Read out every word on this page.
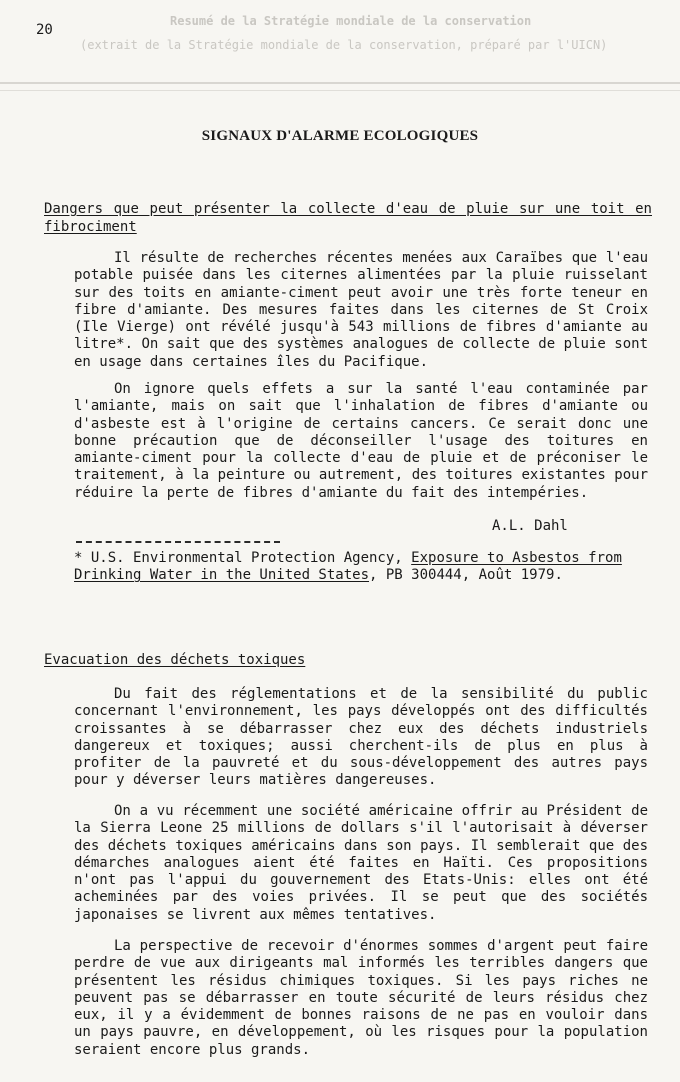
20
Resumé de la Stratégie mondiale de la conservation
(extrait de la Stratégie mondiale de la conservation, préparé par l'UICN)
SIGNAUX D'ALARME ECOLOGIQUES
Dangers que peut présenter la collecte d'eau de pluie sur une toit en fibrociment

Il résulte de recherches récentes menées aux Caraïbes que l'eau potable puisée dans les citernes alimentées par la pluie ruisselant sur des toits en amiante-ciment peut avoir une très forte teneur en fibre d'amiante. Des mesures faites dans les citernes de St Croix (Ile Vierge) ont révélé jusqu'à 543 millions de fibres d'amiante au litre*. On sait que des systèmes analogues de collecte de pluie sont en usage dans certaines îles du Pacifique.

On ignore quels effets a sur la santé l'eau contaminée par l'amiante, mais on sait que l'inhalation de fibres d'amiante ou d'asbeste est à l'origine de certains cancers. Ce serait donc une bonne précaution que de déconseiller l'usage des toitures en amiante-ciment pour la collecte d'eau de pluie et de préconiser le traitement, à la peinture ou autrement, des toitures existantes pour réduire la perte de fibres d'amiante du fait des intempéries.

A.L. Dahl

* U.S. Environmental Protection Agency, Exposure to Asbestos from Drinking Water in the United States, PB 300444, Août 1979.

Evacuation des déchets toxiques

Du fait des réglementations et de la sensibilité du public concernant l'environnement, les pays développés ont des difficultés croissantes à se débarrasser chez eux des déchets industriels dangereux et toxiques; aussi cherchent-ils de plus en plus à profiter de la pauvreté et du sous-développement des autres pays pour y déverser leurs matières dangereuses.

On a vu récemment une société américaine offrir au Président de la Sierra Leone 25 millions de dollars s'il l'autorisait à déverser des déchets toxiques américains dans son pays. Il semblerait que des démarches analogues aient été faites en Haïti. Ces propositions n'ont pas l'appui du gouvernement des Etats-Unis: elles ont été acheminées par des voies privées. Il se peut que des sociétés japonaises se livrent aux mêmes tentatives.

La perspective de recevoir d'énormes sommes d'argent peut faire perdre de vue aux dirigeants mal informés les terribles dangers que présentent les résidus chimiques toxiques. Si les pays riches ne peuvent pas se débarrasser en toute sécurité de leurs résidus chez eux, il y a évidemment de bonnes raisons de ne pas en vouloir dans un pays pauvre, en développement, où les risques pour la population seraient encore plus grands.
